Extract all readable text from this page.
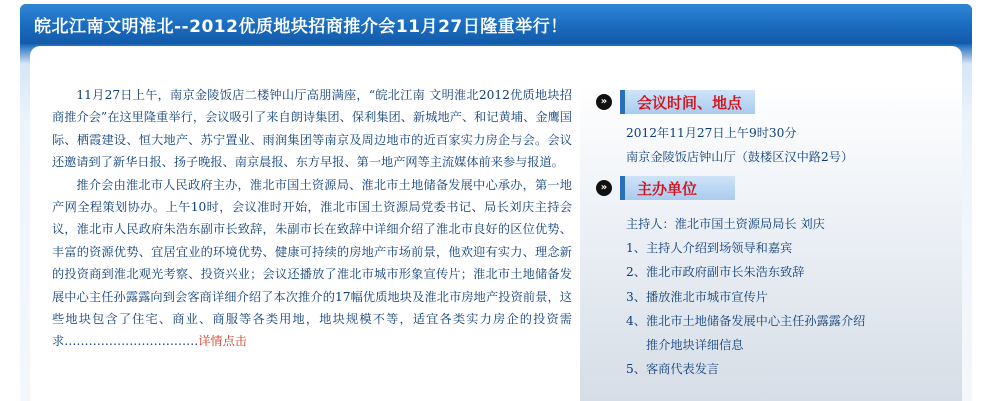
皖北江南文明淮北--2012优质地块招商推介会11月27日隆重举行！

11月27日上午，南京金陵饭店二楼钟山厅高朋满座，“皖北江南 文明淮北2012优质地块招商推介会”在这里隆重举行，会议吸引了来自朗诗集团、保利集团、新城地产、和记黄埔、金鹰国际、栖霞建设、恒大地产、苏宁置业、雨润集团等南京及周边地市的近百家实力房企与会。会议还邀请到了新华日报、扬子晚报、南京晨报、东方早报、第一地产网等主流媒体前来参与报道。

推介会由淮北市人民政府主办，淮北市国土资源局、淮北市土地储备发展中心承办，第一地产网全程策划协办。上午10时，会议准时开始，淮北市国土资源局党委书记、局长刘庆主持会议，淮北市人民政府朱浩东副市长致辞，朱副市长在致辞中详细介绍了淮北市良好的区位优势、丰富的资源优势、宜居宜业的环境优势、健康可持续的房地产市场前景，他欢迎有实力、理念新的投资商到淮北观光考察、投资兴业；会议还播放了淮北市城市形象宣传片；淮北市土地储备发展中心主任孙露露向到会客商详细介绍了本次推介的17幅优质地块及淮北市房地产投资前景，这些地块包含了住宅、商业、商服等各类用地，地块规模不等，适宜各类实力房企的投资需求……………………………详情点击

»	会议时间、地点
2012年11月27日上午9时30分
南京金陵饭店钟山厅（鼓楼区汉中路2号）
»	主办单位
主持人：淮北市国土资源局局长 刘庆
1、主持人介绍到场领导和嘉宾
2、淮北市政府副市长朱浩东致辞
3、播放淮北市城市宣传片
4、淮北市土地储备发展中心主任孙露露介绍
推介地块详细信息
5、客商代表发言
